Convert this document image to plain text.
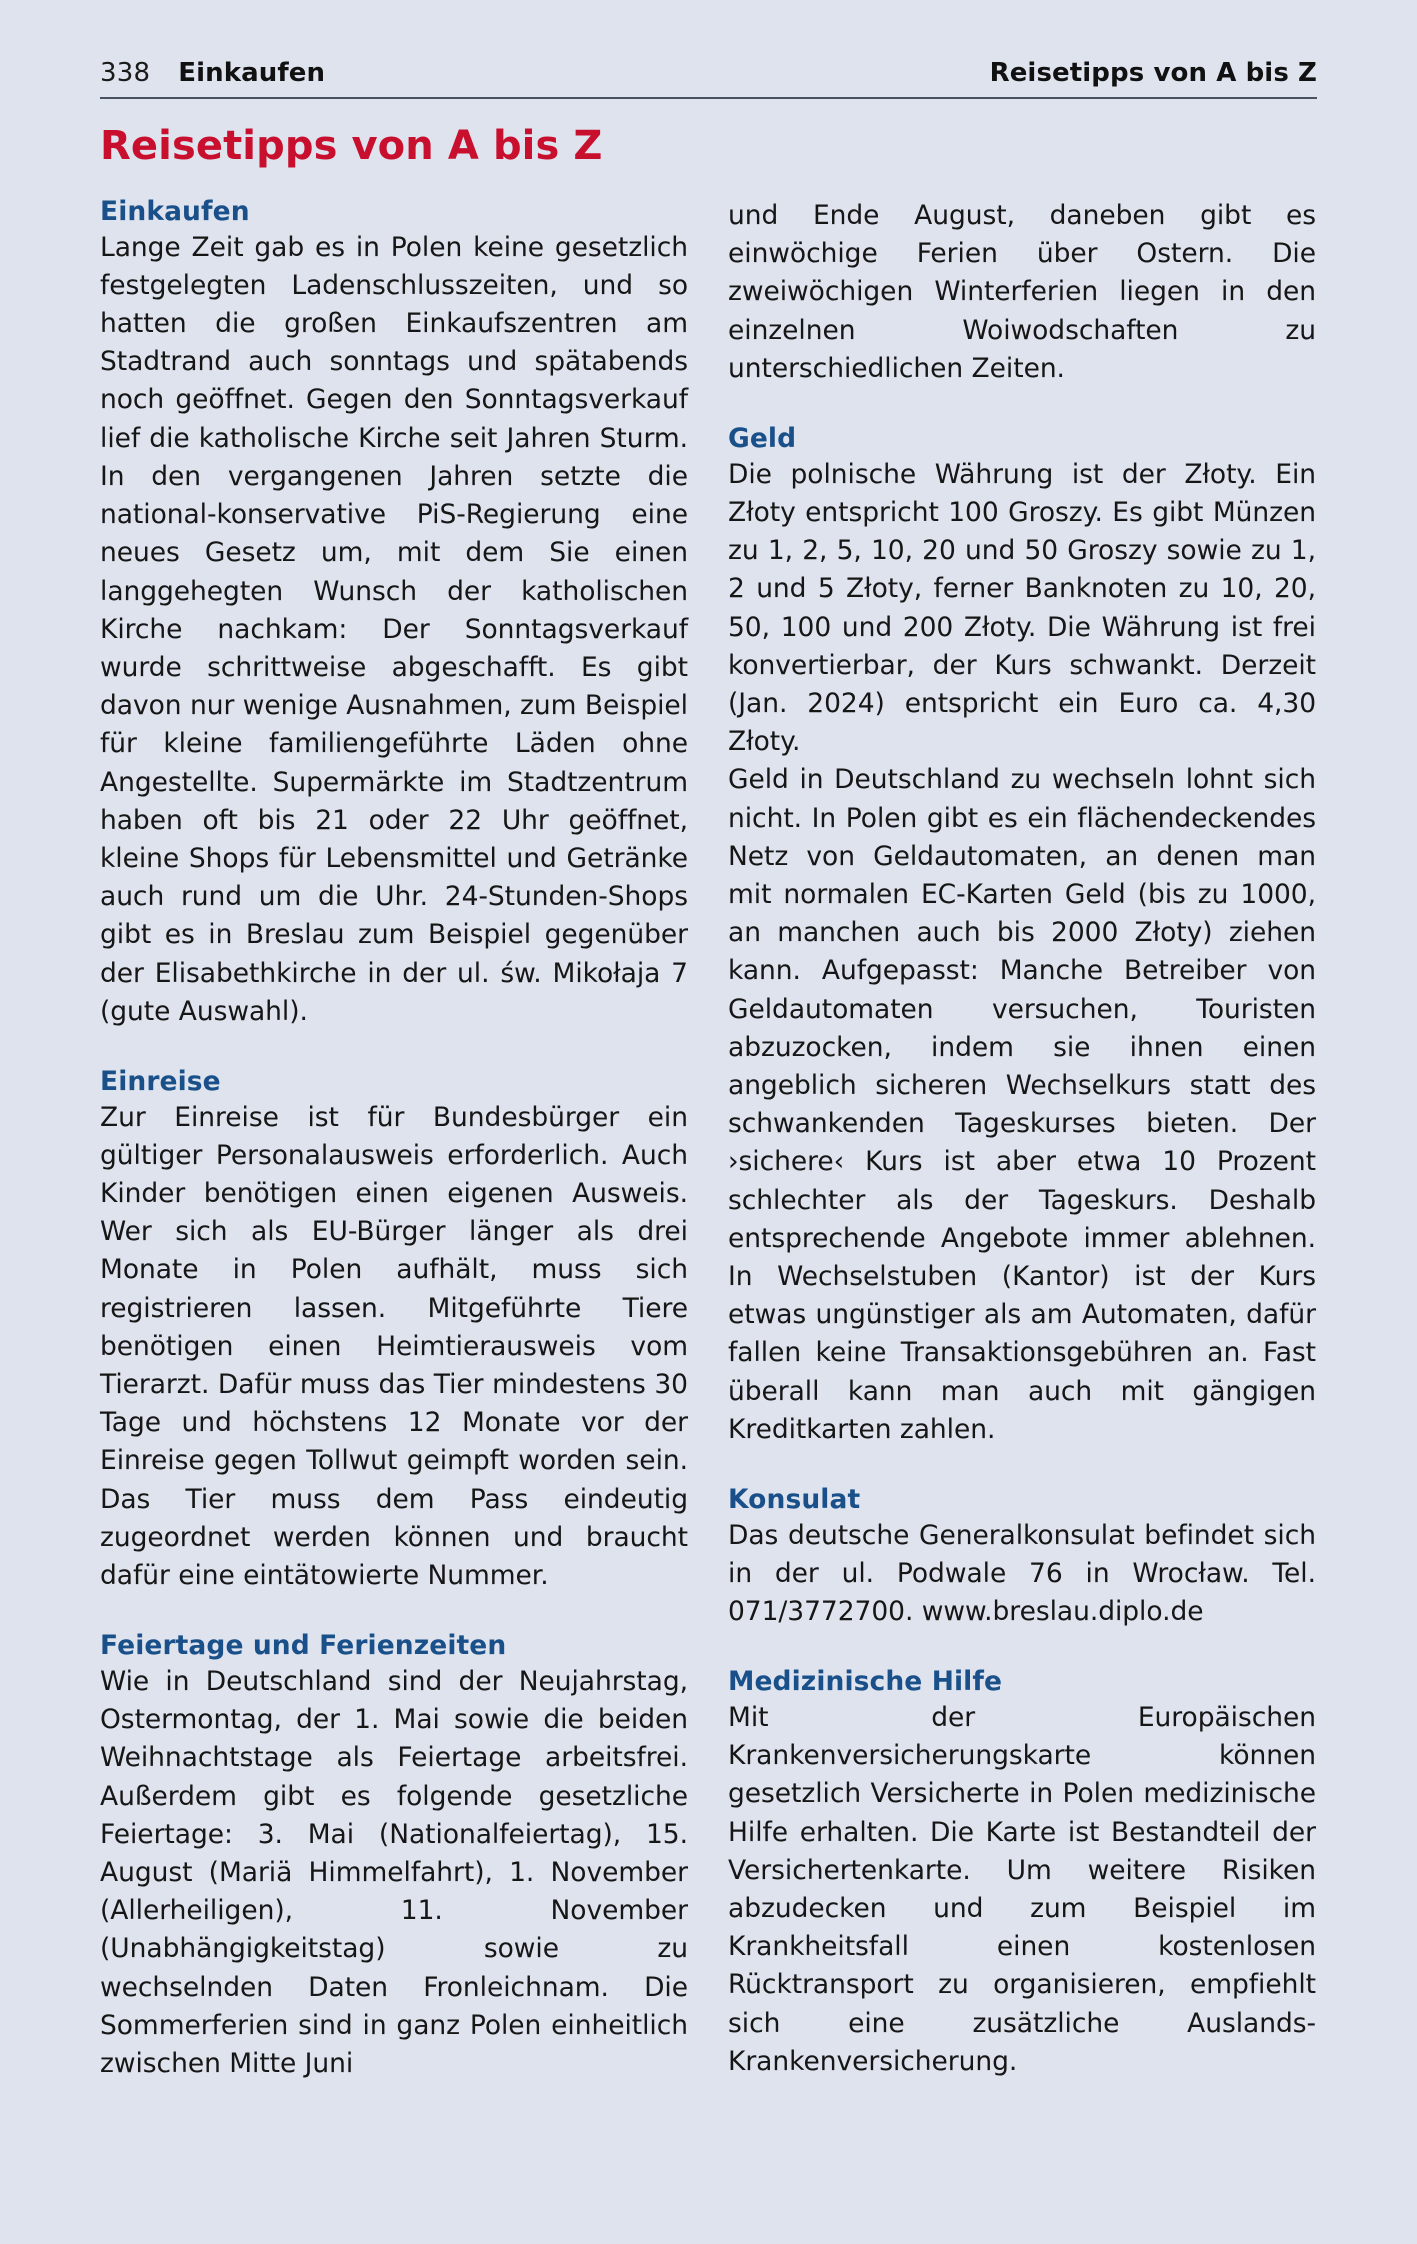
338 Einkaufen	Reisetipps von A bis Z
Reisetipps von A bis Z
Einkaufen

Lange Zeit gab es in Polen keine gesetzlich festgelegten Ladenschlusszeiten, und so hatten die großen Einkaufszentren am Stadtrand auch sonntags und spätabends noch geöffnet. Gegen den Sonntagsverkauf lief die katholische Kirche seit Jahren Sturm. In den vergangenen Jahren setzte die national-konservative PiS-Regierung eine neues Gesetz um, mit dem Sie einen langgehegten Wunsch der katholischen Kirche nachkam: Der Sonntagsverkauf wurde schrittweise abgeschafft. Es gibt davon nur wenige Ausnahmen, zum Beispiel für kleine familiengeführte Läden ohne Angestellte. Supermärkte im Stadtzentrum haben oft bis 21 oder 22 Uhr geöffnet, kleine Shops für Lebensmittel und Getränke auch rund um die Uhr. 24-Stunden-Shops gibt es in Breslau zum Beispiel gegenüber der Elisabethkirche in der ul. św. Mikołaja 7 (gute Auswahl).

Einreise

Zur Einreise ist für Bundesbürger ein gültiger Personalausweis erforderlich. Auch Kinder benötigen einen eigenen Ausweis. Wer sich als EU-Bürger länger als drei Monate in Polen aufhält, muss sich registrieren lassen. Mitgeführte Tiere benötigen einen Heimtierausweis vom Tierarzt. Dafür muss das Tier mindestens 30 Tage und höchstens 12 Monate vor der Einreise gegen Tollwut geimpft worden sein. Das Tier muss dem Pass eindeutig zugeordnet werden können und braucht dafür eine eintätowierte Nummer.

Feiertage und Ferienzeiten

Wie in Deutschland sind der Neujahrstag, Ostermontag, der 1. Mai sowie die beiden Weihnachtstage als Feiertage arbeitsfrei. Außerdem gibt es folgende gesetzliche Feiertage: 3. Mai (Nationalfeiertag), 15. August (Mariä Himmelfahrt), 1. November (Allerheiligen), 11. November (Unabhängigkeitstag) sowie zu wechselnden Daten Fronleichnam. Die Sommerferien sind in ganz Polen einheitlich zwischen Mitte Juni

und Ende August, daneben gibt es einwöchige Ferien über Ostern. Die zweiwöchigen Winterferien liegen in den einzelnen Woiwodschaften zu unterschiedlichen Zeiten.

Geld

Die polnische Währung ist der Złoty. Ein Złoty entspricht 100 Groszy. Es gibt Münzen zu 1, 2, 5, 10, 20 und 50 Groszy sowie zu 1, 2 und 5 Złoty, ferner Banknoten zu 10, 20, 50, 100 und 200 Złoty. Die Währung ist frei konvertierbar, der Kurs schwankt. Derzeit (Jan. 2024) entspricht ein Euro ca. 4,30 Złoty.

Geld in Deutschland zu wechseln lohnt sich nicht. In Polen gibt es ein flächendeckendes Netz von Geldautomaten, an denen man mit normalen EC-Karten Geld (bis zu 1000, an manchen auch bis 2000 Złoty) ziehen kann. Aufgepasst: Manche Betreiber von Geldautomaten versuchen, Touristen abzuzocken, indem sie ihnen einen angeblich sicheren Wechselkurs statt des schwankenden Tageskurses bieten. Der ›sichere‹ Kurs ist aber etwa 10 Prozent schlechter als der Tageskurs. Deshalb entsprechende Angebote immer ablehnen. In Wechselstuben (Kantor) ist der Kurs etwas ungünstiger als am Automaten, dafür fallen keine Transaktionsgebühren an. Fast überall kann man auch mit gängigen Kreditkarten zahlen.

Konsulat

Das deutsche Generalkonsulat befindet sich in der ul. Podwale 76 in Wrocław. Tel. 071/3772700. www.breslau.diplo.de

Medizinische Hilfe

Mit der Europäischen Krankenversicherungskarte können gesetzlich Versicherte in Polen medizinische Hilfe erhalten. Die Karte ist Bestandteil der Versichertenkarte. Um weitere Risiken abzudecken und zum Beispiel im Krankheitsfall einen kostenlosen Rücktransport zu organisieren, empfiehlt sich eine zusätzliche Auslands-Krankenversicherung.
